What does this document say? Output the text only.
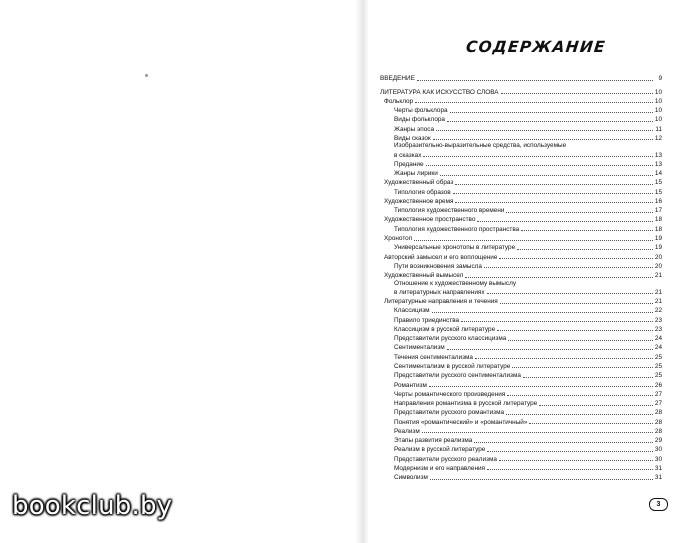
СОДЕРЖАНИЕ
ВВЕДЕНИЕ	9
ЛИТЕРАТУРА КАК ИСКУССТВО СЛОВА	10
Фольклор	10
Черты фольклора	10
Виды фольклора	10
Жанры эпоса	11
Виды сказок	12
Изобразительно-выразительные средства, используемые
в сказках	13
Предание	13
Жанры лирики	14
Художественный образ	15
Типология образов	15
Художественное время	16
Типология художественного времени	17
Художественное пространство	18
Типология художественного пространства	18
Хронотоп	19
Универсальные хронотопы в литературе	19
Авторский замысел и его воплощение	20
Пути возникновения замысла	20
Художественный вымысел	21
Отношение к художественному вымыслу
в литературных направлениях	21
Литературные направления и течения	21
Классицизм	22
Правило триединства	23
Классицизм в русской литературе	23
Представители русского классицизма	24
Сентиментализм	24
Течения сентиментализма	25
Сентиментализм в русской литературе	25
Представители русского сентиментализма	25
Романтизм	26
Черты романтического произведения	27
Направления романтизма в русской литературе	27
Представители русского романтизма	28
Понятия «романтический» и «романтичный»	28
Реализм	28
Этапы развития реализма	29
Реализм в русской литературе	30
Представители русского реализма	30
Модернизм и его направления	31
Символизм	31
3
bookclub.by
